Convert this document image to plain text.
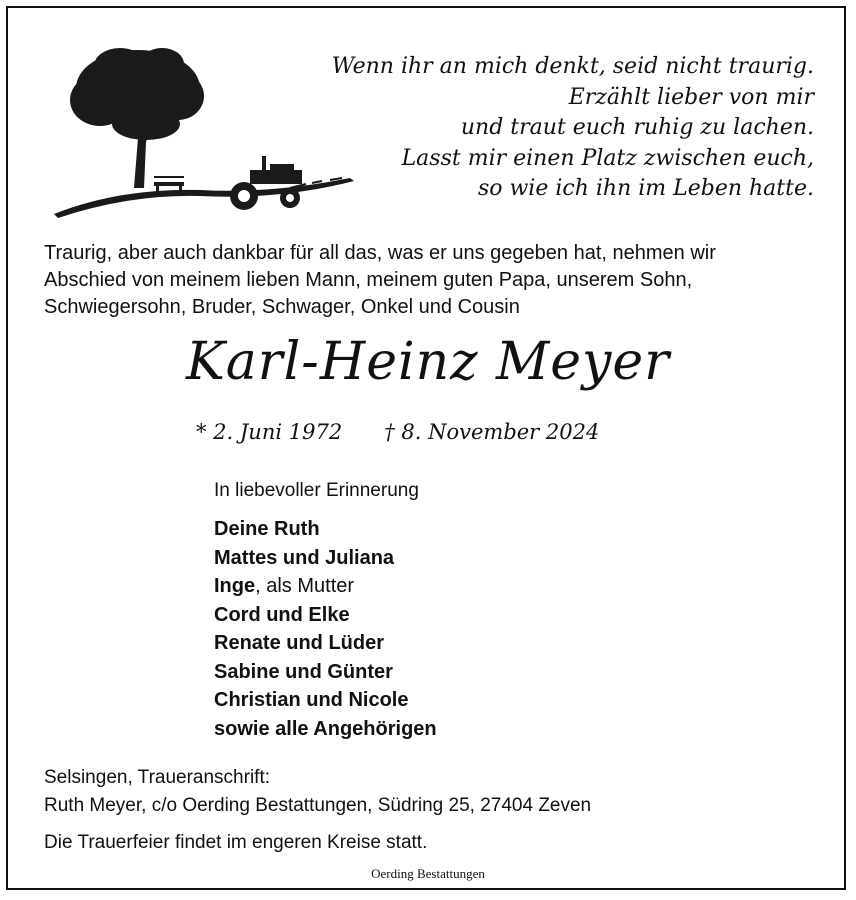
Wenn ihr an mich denkt, seid nicht traurig.
Erzählt lieber von mir
und traut euch ruhig zu lachen.
Lasst mir einen Platz zwischen euch,
so wie ich ihn im Leben hatte.
Traurig, aber auch dankbar für all das, was er uns gegeben hat, nehmen wir
Abschied von meinem lieben Mann, meinem guten Papa, unserem Sohn,
Schwiegersohn, Bruder, Schwager, Onkel und Cousin
Karl-Heinz Meyer
* 2. Juni 1972 † 8. November 2024
In liebevoller Erinnerung
Deine Ruth
Mattes und Juliana
Inge, als Mutter
Cord und Elke
Renate und Lüder
Sabine und Günter
Christian und Nicole
sowie alle Angehörigen
Selsingen, Traueranschrift:
Ruth Meyer, c/o Oerding Bestattungen, Südring 25, 27404 Zeven
Die Trauerfeier findet im engeren Kreise statt.
Oerding Bestattungen
